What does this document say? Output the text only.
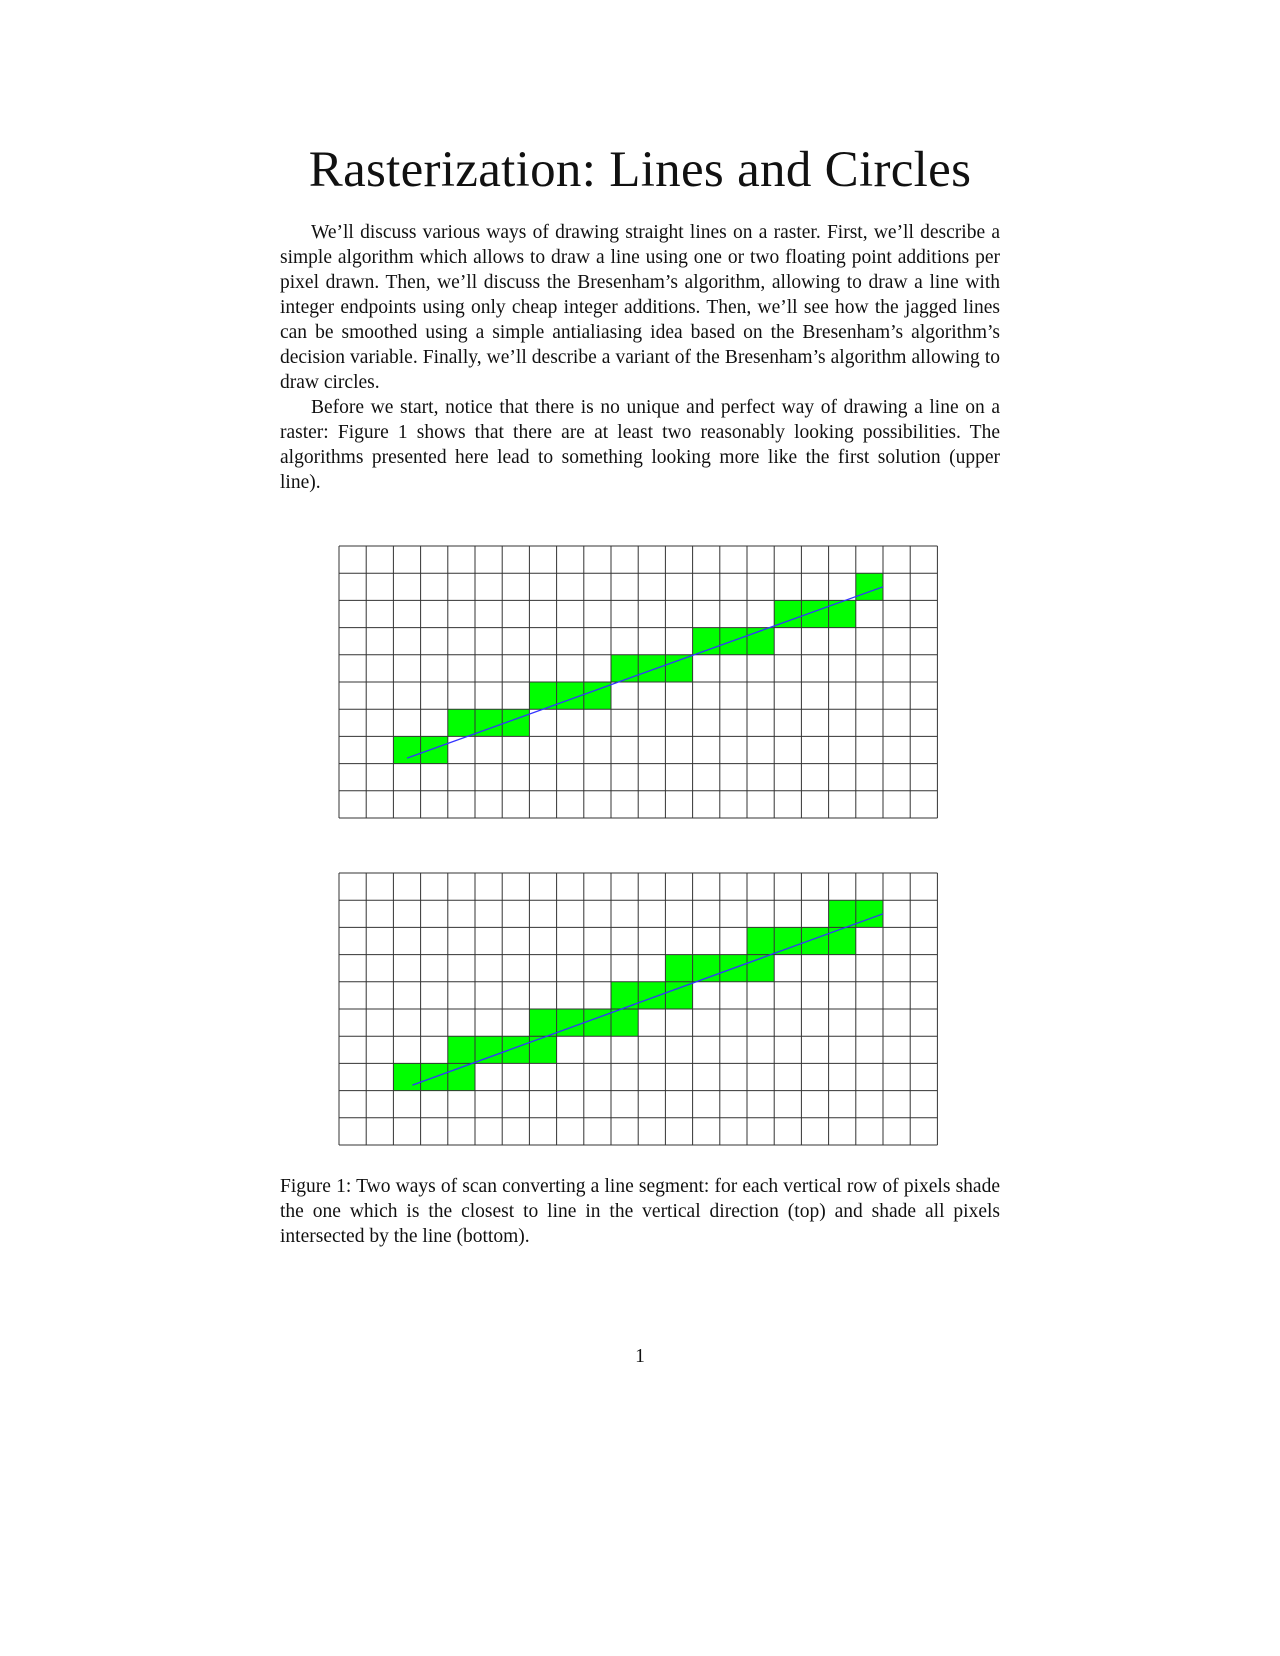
Rasterization: Lines and Circles

We’ll discuss various ways of drawing straight lines on a raster. First, we’ll describe a simple algorithm which allows to draw a line using one or two floating point additions per pixel drawn. Then, we’ll discuss the Bresenham’s algorithm, allowing to draw a line with integer endpoints using only cheap integer additions. Then, we’ll see how the jagged lines can be smoothed using a simple antialiasing idea based on the Bresenham’s algorithm’s decision variable. Finally, we’ll describe a variant of the Bresenham’s algorithm allowing to draw circles.

Before we start, notice that there is no unique and perfect way of drawing a line on a raster: Figure 1 shows that there are at least two reasonably looking possibilities. The algorithms presented here lead to something looking more like the first solution (upper line).

Figure 1: Two ways of scan converting a line segment: for each vertical row of pixels shade the one which is the closest to line in the vertical direction (top) and shade all pixels intersected by the line (bottom).
1
